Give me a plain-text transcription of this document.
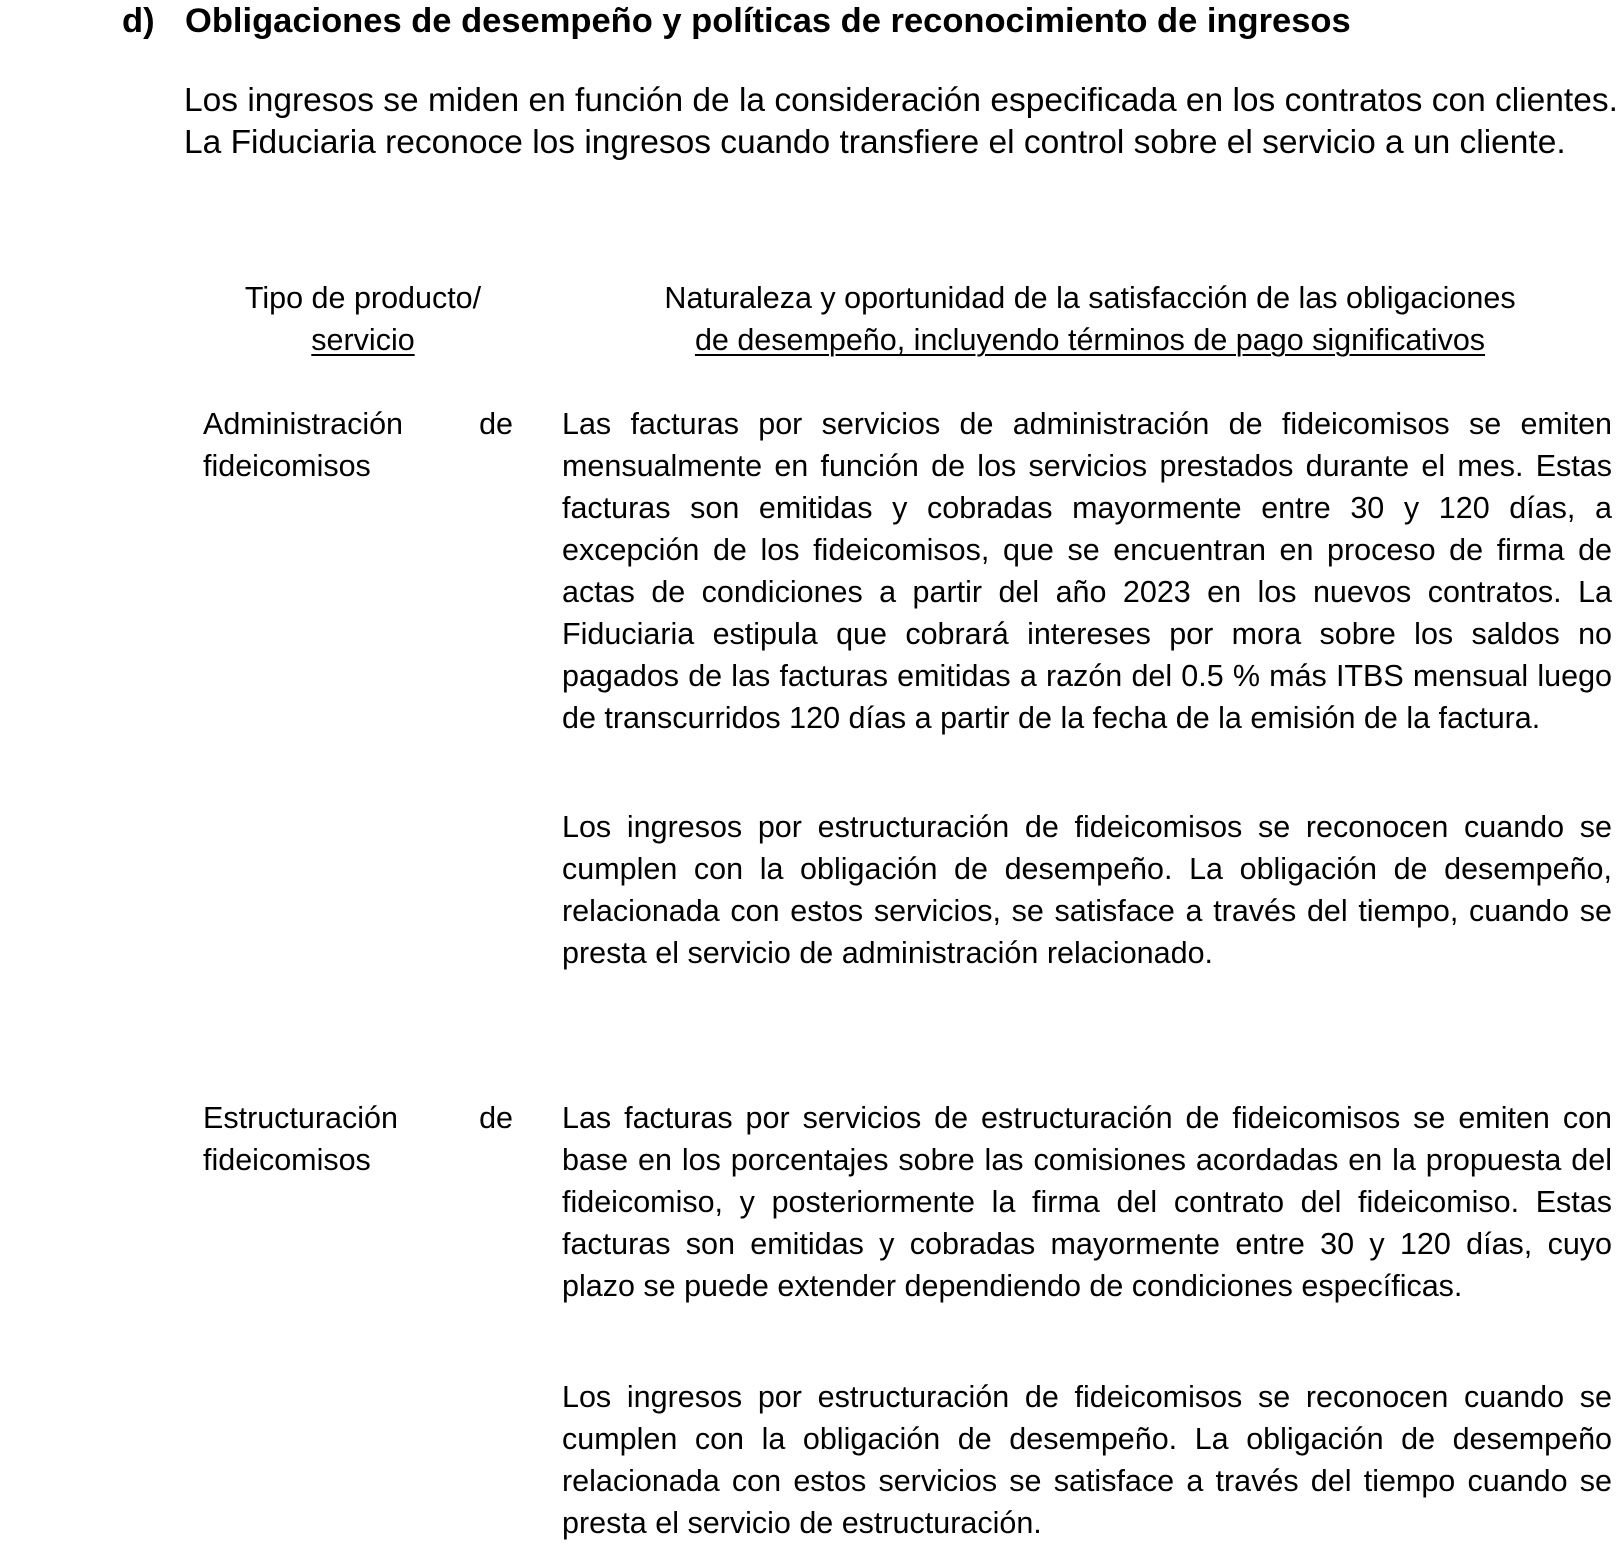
d) Obligaciones de desempeño y políticas de reconocimiento de ingresos

Los ingresos se miden en función de la consideración especificada en los contratos con clientes. La Fiduciaria reconoce los ingresos cuando transfiere el control sobre el servicio a un cliente.

Tipo de producto/
servicio
Naturaleza y oportunidad de la satisfacción de las obligaciones
de desempeño, incluyendo términos de pago significativos
Administración de
fideicomisos

Las facturas por servicios de administración de fideicomisos se emiten mensualmente en función de los servicios prestados durante el mes. Estas facturas son emitidas y cobradas mayormente entre 30 y 120 días, a excepción de los fideicomisos, que se encuentran en proceso de firma de actas de condiciones a partir del año 2023 en los nuevos contratos. La Fiduciaria estipula que cobrará intereses por mora sobre los saldos no pagados de las facturas emitidas a razón del 0.5 % más ITBS mensual luego de transcurridos 120 días a partir de la fecha de la emisión de la factura.

Los ingresos por estructuración de fideicomisos se reconocen cuando se cumplen con la obligación de desempeño. La obligación de desempeño, relacionada con estos servicios, se satisface a través del tiempo, cuando se presta el servicio de administración relacionado.

Estructuración de fideicomisos

Las facturas por servicios de estructuración de fideicomisos se emiten con base en los porcentajes sobre las comisiones acordadas en la propuesta del fideicomiso, y posteriormente la firma del contrato del fideicomiso. Estas facturas son emitidas y cobradas mayormente entre 30 y 120 días, cuyo plazo se puede extender dependiendo de condiciones específicas.

Los ingresos por estructuración de fideicomisos se reconocen cuando se cumplen con la obligación de desempeño. La obligación de desempeño relacionada con estos servicios se satisface a través del tiempo cuando se presta el servicio de estructuración.
